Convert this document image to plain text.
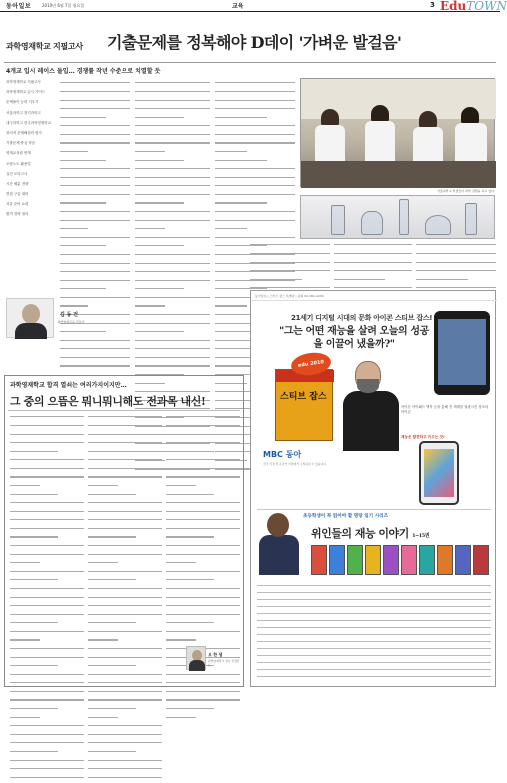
동아일보	2010년 6월 7일 월요일	교육	3 EduTOWN
과학영재학교 지필고사 기출문제를 정복해야 D데이 '가벼운 발걸음'
4개교 입시 레이스 돌입… 경쟁률 작년 수준으로 치열할 듯
과학영재학교 지필고사
과학영재학교 입시 가이드
문제풀이 능력 키우기
서울과학고 경기과학고
대구과학고 한국과학영재학교
창의적 문제해결력 평가
기출문제 중심 학습
영재교육원 연계
오답노트 활용법
실전 모의고사
시간 배분 전략
면접 구술 대비
서류 준비 요령
합격 전략 정리
김 동 건
과학영재교육 전문가
서울과학고 학생들이 과학 실험을 하고 있다.
과학영재학교 합격 열쇠는 여러가지이지만…
그 중의 으뜸은 뭐니뭐니해도 전과목 내신!
오 한 샘
과학영재학교 입시 컨설턴트
동아일보 | 스티브 잡스 특별판 | 문의 02-361-1234
21세기 디지털 시대의 문화 아이콘 스티브 잡스!
"그는 어떤 재능을 살려 오늘의 성공을 이끌어 냈을까?"
스티브 잡스
edu 2010
아이폰 아이패드 맥북 등을 통해 전 세계를 열광시킨 창조의 아이콘
재능은 발견하고 키우는 것!
MBC 동아
전국 서점 및 온라인 서점에서 구입하실 수 있습니다.
초등학생이 꼭 읽어야 할 명랑 일기 시리즈
위인들의 재능 이야기 1~15권
